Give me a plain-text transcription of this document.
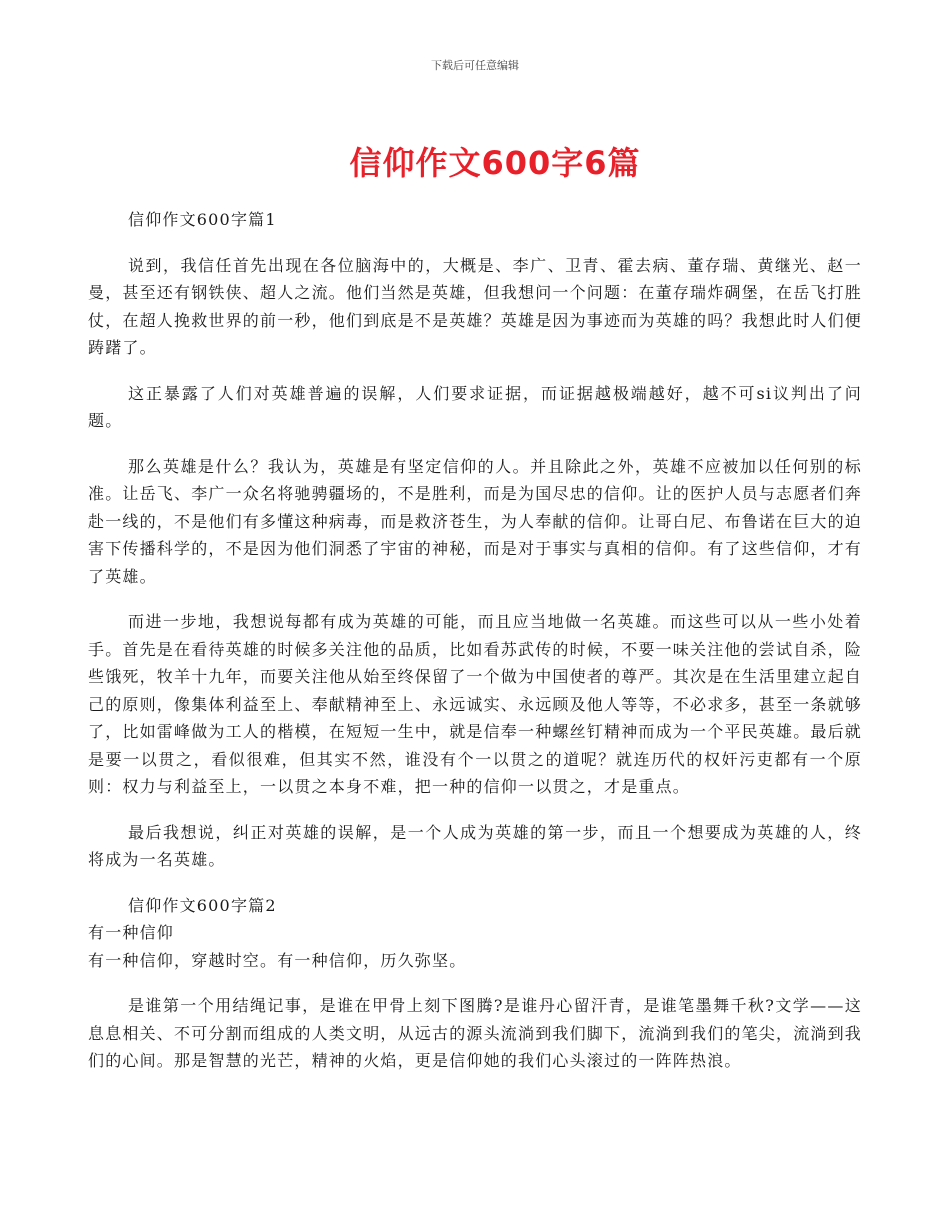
下载后可任意编辑
信仰作文600字6篇

信仰作文600字篇1

说到，我信任首先出现在各位脑海中的，大概是、李广、卫青、霍去病、董存瑞、黄继光、赵一曼，甚至还有钢铁侠、超人之流。他们当然是英雄，但我想问一个问题：在董存瑞炸碉堡，在岳飞打胜仗，在超人挽救世界的前一秒，他们到底是不是英雄？英雄是因为事迹而为英雄的吗？我想此时人们便踌躇了。

这正暴露了人们对英雄普遍的误解，人们要求证据，而证据越极端越好，越不可si议判出了问题。

那么英雄是什么？我认为，英雄是有坚定信仰的人。并且除此之外，英雄不应被加以任何别的标准。让岳飞、李广一众名将驰骋疆场的，不是胜利，而是为国尽忠的信仰。让的医护人员与志愿者们奔赴一线的，不是他们有多懂这种病毒，而是救济苍生，为人奉献的信仰。让哥白尼、布鲁诺在巨大的迫害下传播科学的，不是因为他们洞悉了宇宙的神秘，而是对于事实与真相的信仰。有了这些信仰，才有了英雄。

而进一步地，我想说每都有成为英雄的可能，而且应当地做一名英雄。而这些可以从一些小处着手。首先是在看待英雄的时候多关注他的品质，比如看苏武传的时候，不要一味关注他的尝试自杀，险些饿死，牧羊十九年，而要关注他从始至终保留了一个做为中国使者的尊严。其次是在生活里建立起自己的原则，像集体利益至上、奉献精神至上、永远诚实、永远顾及他人等等，不必求多，甚至一条就够了，比如雷峰做为工人的楷模，在短短一生中，就是信奉一种螺丝钉精神而成为一个平民英雄。最后就是要一以贯之，看似很难，但其实不然，谁没有个一以贯之的道呢？就连历代的权奸污吏都有一个原则：权力与利益至上，一以贯之本身不难，把一种的信仰一以贯之，才是重点。

最后我想说，纠正对英雄的误解，是一个人成为英雄的第一步，而且一个想要成为英雄的人，终将成为一名英雄。

信仰作文600字篇2

有一种信仰

有一种信仰，穿越时空。有一种信仰，历久弥坚。

是谁第一个用结绳记事，是谁在甲骨上刻下图腾?是谁丹心留汗青，是谁笔墨舞千秋?文学——这息息相关、不可分割而组成的人类文明，从远古的源头流淌到我们脚下，流淌到我们的笔尖，流淌到我们的心间。那是智慧的光芒，精神的火焰，更是信仰她的我们心头滚过的一阵阵热浪。
